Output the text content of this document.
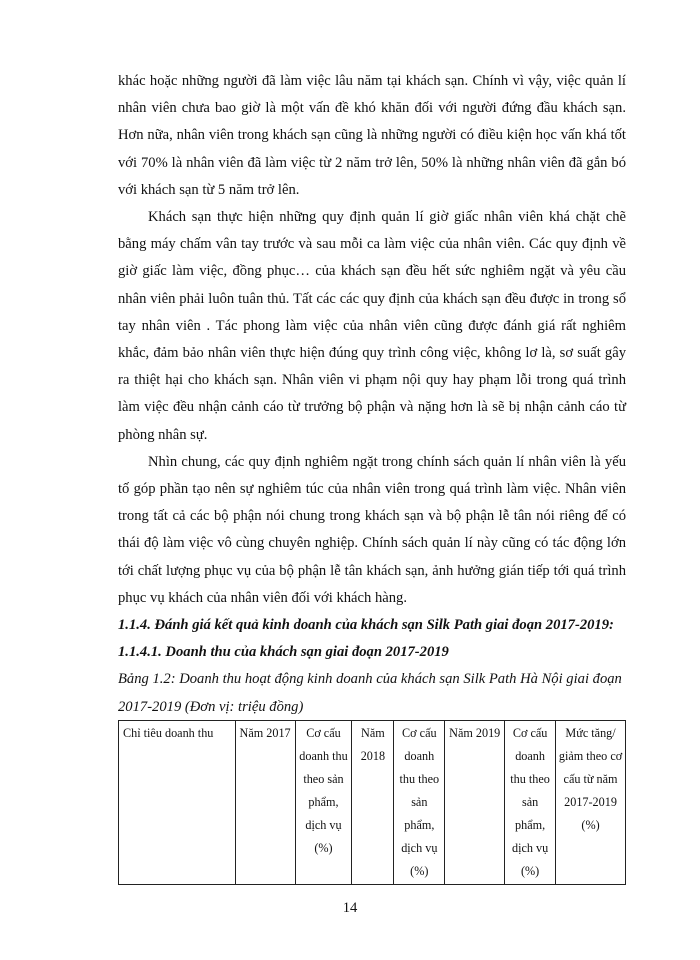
khác hoặc những người đã làm việc lâu năm tại khách sạn. Chính vì vậy, việc quản lí nhân viên chưa bao giờ là một vấn đề khó khăn đối với người đứng đầu khách sạn. Hơn nữa, nhân viên trong khách sạn cũng là những người có điều kiện học vấn khá tốt với 70% là nhân viên đã làm việc từ 2 năm trở lên, 50% là những nhân viên đã gắn bó với khách sạn từ 5 năm trở lên.

Khách sạn thực hiện những quy định quản lí giờ giấc nhân viên khá chặt chẽ bằng máy chấm vân tay trước và sau mỗi ca làm việc của nhân viên. Các quy định về giờ giấc làm việc, đồng phục… của khách sạn đều hết sức nghiêm ngặt và yêu cầu nhân viên phải luôn tuân thủ. Tất các các quy định của khách sạn đều được in trong sổ tay nhân viên . Tác phong làm việc của nhân viên cũng được đánh giá rất nghiêm khắc, đảm bảo nhân viên thực hiện đúng quy trình công việc, không lơ là, sơ suất gây ra thiệt hại cho khách sạn. Nhân viên vi phạm nội quy hay phạm lỗi trong quá trình làm việc đều nhận cảnh cáo từ trưởng bộ phận và nặng hơn là sẽ bị nhận cảnh cáo từ phòng nhân sự.

Nhìn chung, các quy định nghiêm ngặt trong chính sách quản lí nhân viên là yếu tố góp phần tạo nên sự nghiêm túc của nhân viên trong quá trình làm việc. Nhân viên trong tất cả các bộ phận nói chung trong khách sạn và bộ phận lễ tân nói riêng để có thái độ làm việc vô cùng chuyên nghiệp. Chính sách quản lí này cũng có tác động lớn tới chất lượng phục vụ của bộ phận lễ tân khách sạn, ảnh hưởng gián tiếp tới quá trình phục vụ khách của nhân viên đối với khách hàng.

1.1.4. Đánh giá kết quả kinh doanh của khách sạn Silk Path giai đoạn 2017-2019:

1.1.4.1. Doanh thu của khách sạn giai đoạn 2017-2019

Bảng 1.2: Doanh thu hoạt động kinh doanh của khách sạn Silk Path Hà Nội giai đoạn 2017-2019 (Đơn vị: triệu đồng)

Chỉ tiêu doanh thu	Năm 2017	Cơ cấu doanh thu theo sản phẩm, dịch vụ (%)	Năm 2018	Cơ cấu doanh thu theo sản phẩm, dịch vụ (%)	Năm 2019	Cơ cấu doanh thu theo sản phẩm, dịch vụ (%)	Mức tăng/ giảm theo cơ cấu từ năm 2017-2019 (%)
14
